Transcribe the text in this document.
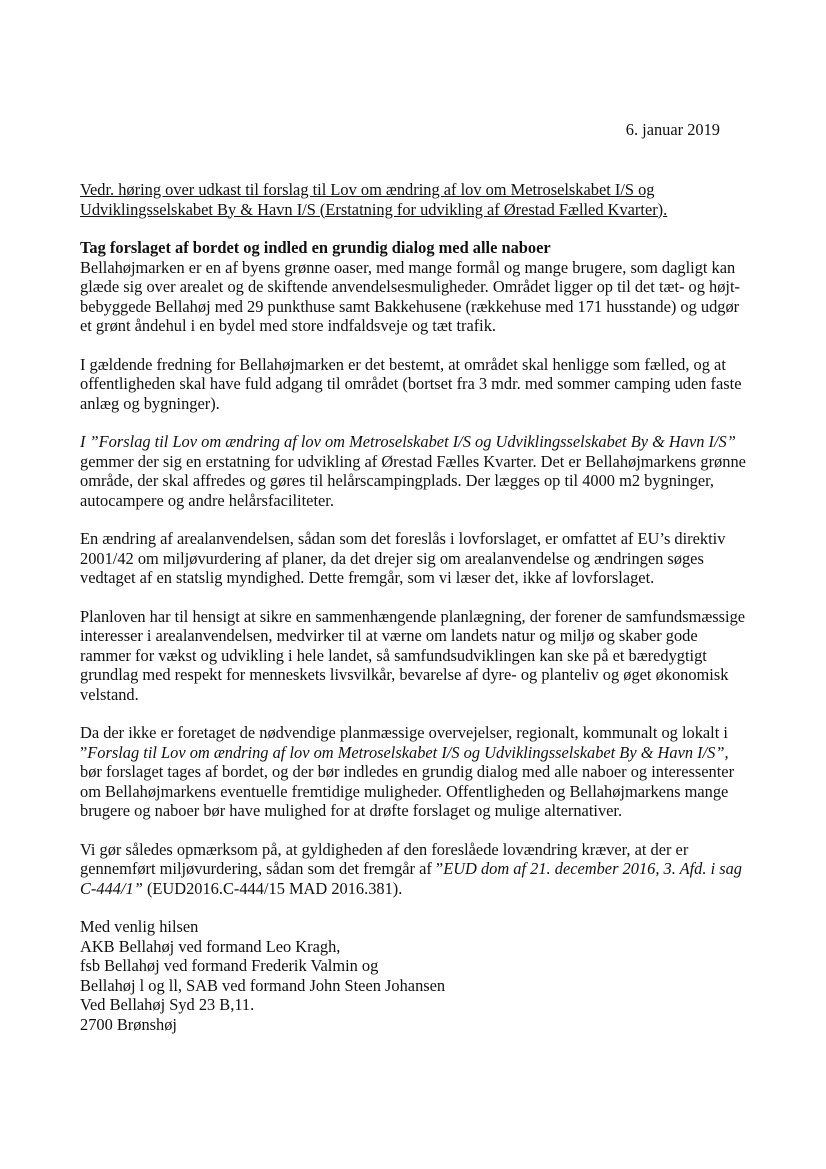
6. januar 2019
Vedr. høring over udkast til forslag til Lov om ændring af lov om Metroselskabet I/S og Udviklingsselskabet By & Havn I/S (Erstatning for udvikling af Ørestad Fælled Kvarter).
Tag forslaget af bordet og indled en grundig dialog med alle naboer
Bellahøjmarken er en af byens grønne oaser, med mange formål og mange brugere, som dagligt kan glæde sig over arealet og de skiftende anvendelsesmuligheder. Området ligger op til det tæt- og højt-bebyggede Bellahøj med 29 punkthuse samt Bakkehusene (rækkehuse med 171 husstande) og udgør et grønt åndehul i en bydel med store indfaldsveje og tæt trafik.

I gældende fredning for Bellahøjmarken er det bestemt, at området skal henligge som fælled, og at offentligheden skal have fuld adgang til området (bortset fra 3 mdr. med sommer camping uden faste anlæg og bygninger).

I ”Forslag til Lov om ændring af lov om Metroselskabet I/S og Udviklingsselskabet By & Havn I/S” gemmer der sig en erstatning for udvikling af Ørestad Fælles Kvarter. Det er Bellahøjmarkens grønne område, der skal affredes og gøres til helårscampingplads. Der lægges op til 4000 m2 bygninger, autocampere og andre helårsfaciliteter.

En ændring af arealanvendelsen, sådan som det foreslås i lovforslaget, er omfattet af EU’s direktiv 2001/42 om miljøvurdering af planer, da det drejer sig om arealanvendelse og ændringen søges vedtaget af en statslig myndighed. Dette fremgår, som vi læser det, ikke af lovforslaget.

Planloven har til hensigt at sikre en sammenhængende planlægning, der forener de samfundsmæssige interesser i arealanvendelsen, medvirker til at værne om landets natur og miljø og skaber gode rammer for vækst og udvikling i hele landet, så samfundsudviklingen kan ske på et bæredygtigt grundlag med respekt for menneskets livsvilkår, bevarelse af dyre- og planteliv og øget økonomisk velstand.

Da der ikke er foretaget de nødvendige planmæssige overvejelser, regionalt, kommunalt og lokalt i ”Forslag til Lov om ændring af lov om Metroselskabet I/S og Udviklingsselskabet By & Havn I/S”, bør forslaget tages af bordet, og der bør indledes en grundig dialog med alle naboer og interessenter om Bellahøjmarkens eventuelle fremtidige muligheder. Offentligheden og Bellahøjmarkens mange brugere og naboer bør have mulighed for at drøfte forslaget og mulige alternativer.

Vi gør således opmærksom på, at gyldigheden af den foreslåede lovændring kræver, at der er gennemført miljøvurdering, sådan som det fremgår af ”EUD dom af 21. december 2016, 3. Afd. i sag C-444/1” (EUD2016.C-444/15 MAD 2016.381).

Med venlig hilsen
AKB Bellahøj ved formand Leo Kragh,
fsb Bellahøj ved formand Frederik Valmin og
Bellahøj l og ll, SAB ved formand John Steen Johansen
Ved Bellahøj Syd 23 B,11.
2700 Brønshøj
